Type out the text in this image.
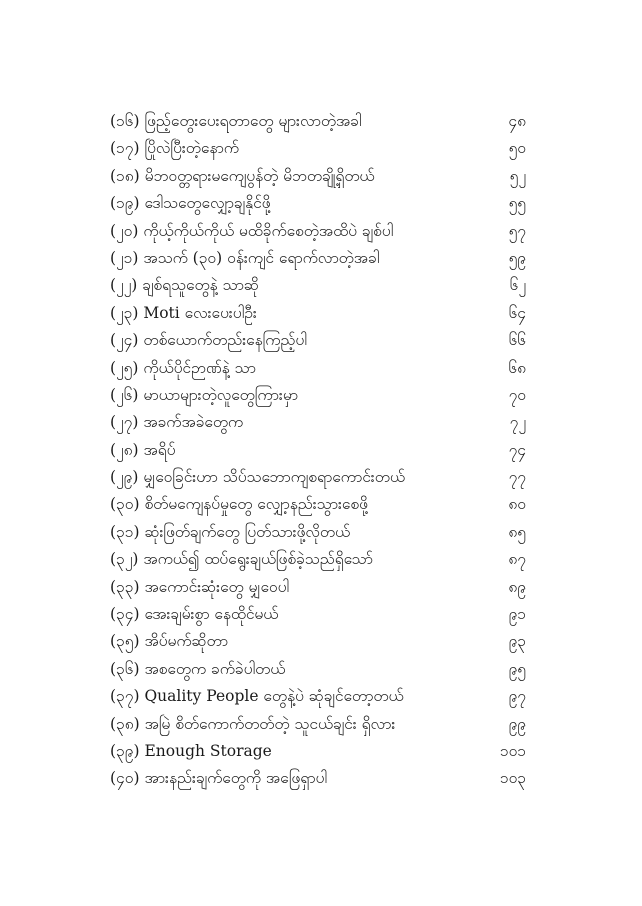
(၁၆) ဖြည့်တွေးပေးရတာတွေ များလာတဲ့အခါ	၄၈
(၁၇) ပြိုလဲပြီးတဲ့နောက်	၅၀
(၁၈) မိဘဝတ္တရားမကျေပွန်တဲ့ မိဘတချို့ရှိတယ်	၅၂
(၁၉) ဒေါသတွေလျှော့ချနိုင်ဖို့	၅၅
(၂၀) ကိုယ့်ကိုယ်ကိုယ် မထိခိုက်စေတဲ့အထိပဲ ချစ်ပါ	၅၇
(၂၁) အသက် (၃၀) ဝန်းကျင် ရောက်လာတဲ့အခါ	၅၉
(၂၂) ချစ်ရသူတွေနဲ့ သာဆို	၆၂
(၂၃) Moti လေးပေးပါဦး	၆၄
(၂၄) တစ်ယောက်တည်းနေကြည့်ပါ	၆၆
(၂၅) ကိုယ်ပိုင်ဉာဏ်နဲ့ သာ	၆၈
(၂၆) မာယာများတဲ့လူတွေကြားမှာ	၇၀
(၂၇) အခက်အခဲတွေက	၇၂
(၂၈) အရိပ်	၇၄
(၂၉) မျှဝေခြင်းဟာ သိပ်သဘောကျစရာကောင်းတယ်	၇၇
(၃၀) စိတ်မကျေနပ်မှုတွေ လျှော့နည်းသွားစေဖို့	၈၀
(၃၁) ဆုံးဖြတ်ချက်တွေ ပြတ်သားဖို့လိုတယ်	၈၅
(၃၂) အကယ်၍ ထပ်ရွေးချယ်ဖြစ်ခဲ့သည်ရှိသော်	၈၇
(၃၃) အကောင်းဆုံးတွေ မျှဝေပါ	၈၉
(၃၄) အေးချမ်းစွာ နေထိုင်မယ်	၉၁
(၃၅) အိပ်မက်ဆိုတာ	၉၃
(၃၆) အစတွေက ခက်ခဲပါတယ်	၉၅
(၃၇) Quality People တွေနဲ့ပဲ ဆုံချင်တော့တယ်	၉၇
(၃၈) အမြဲ စိတ်ကောက်တတ်တဲ့ သူငယ်ချင်း ရှိလား	၉၉
(၃၉) Enough Storage	၁၀၁
(၄၀) အားနည်းချက်တွေကို အဖြေရှာပါ	၁၀၃
